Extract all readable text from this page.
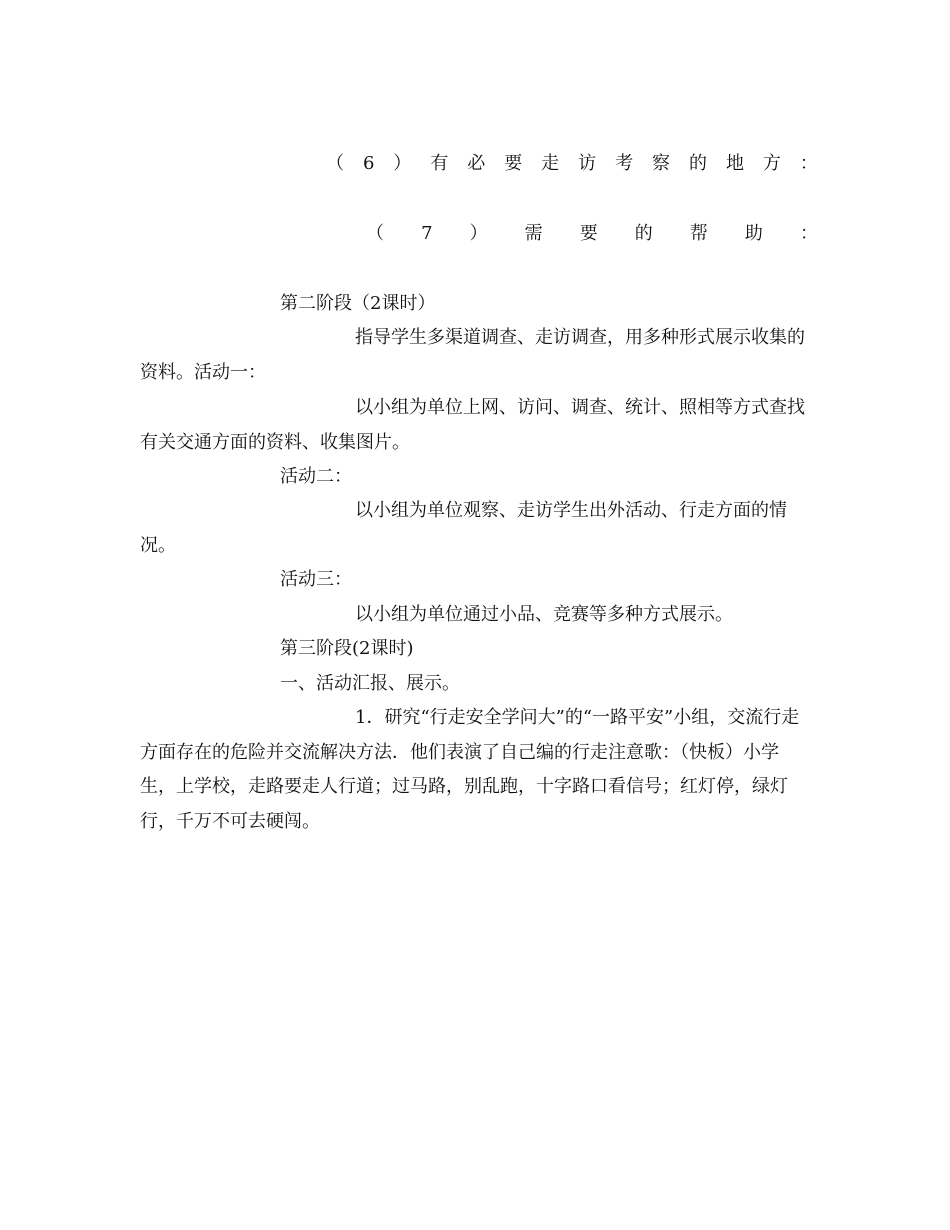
（ 6 ） 有 必 要 走 访 考 察 的 地 方 ：
（ 7 ） 需 要 的 帮 助 ：
第二阶段（2课时）
指导学生多渠道调查、走访调查，用多种形式展示收集的资料。活动一：
以小组为单位上网、访问、调查、统计、照相等方式查找有关交通方面的资料、收集图片。
活动二：
以小组为单位观察、走访学生出外活动、行走方面的情况。
活动三：
以小组为单位通过小品、竞赛等多种方式展示。
第三阶段(2课时)
一、活动汇报、展示。
1．研究“行走安全学问大”的“一路平安”小组，交流行走方面存在的危险并交流解决方法．他们表演了自己编的行走注意歌：（快板）小学生，上学校，走路要走人行道；过马路，别乱跑，十字路口看信号；红灯停，绿灯行，千万不可去硬闯。
